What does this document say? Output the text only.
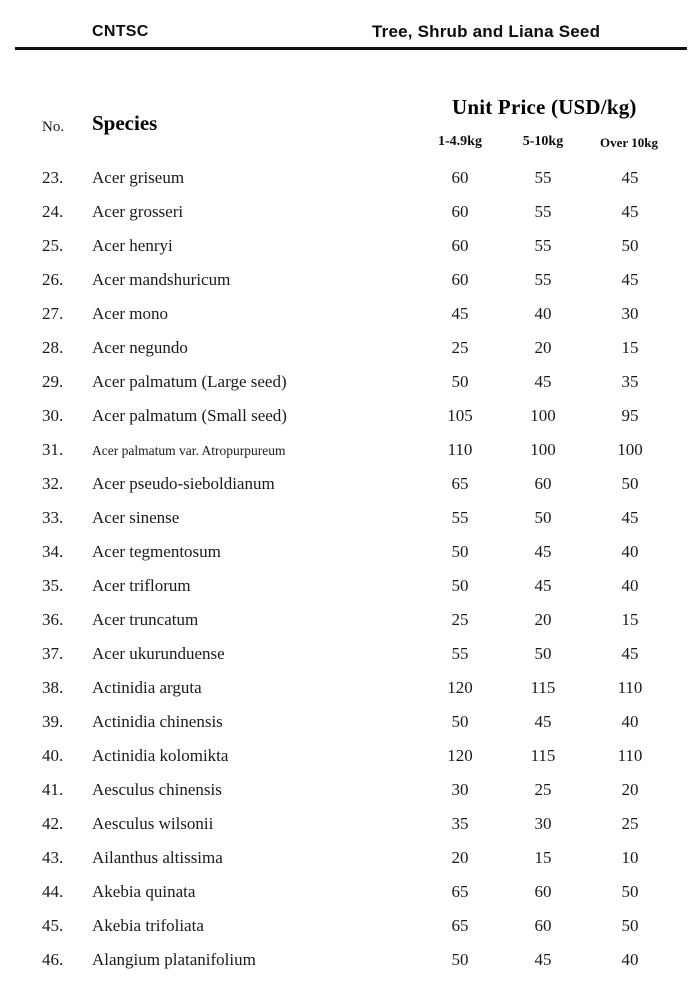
CNTSC	Tree, Shrub and Liana Seed
Unit Price (USD/kg)
No. Species
1-4.9kg	5-10kg	Over 10kg
23. Acer griseum	60	55	45
24. Acer grosseri	60	55	45
25. Acer henryi	60	55	50
26. Acer mandshuricum	60	55	45
27. Acer mono	45	40	30
28. Acer negundo	25	20	15
29. Acer palmatum (Large seed)	50	45	35
30. Acer palmatum (Small seed)	105	100	95
31. Acer palmatum var. Atropurpureum	110	100	100
32. Acer pseudo-sieboldianum	65	60	50
33. Acer sinense	55	50	45
34. Acer tegmentosum	50	45	40
35. Acer triflorum	50	45	40
36. Acer truncatum	25	20	15
37. Acer ukurunduense	55	50	45
38. Actinidia arguta	120	115	110
39. Actinidia chinensis	50	45	40
40. Actinidia kolomikta	120	115	110
41. Aesculus chinensis	30	25	20
42. Aesculus wilsonii	35	30	25
43. Ailanthus altissima	20	15	10
44. Akebia quinata	65	60	50
45. Akebia trifoliata	65	60	50
46. Alangium platanifolium	50	45	40
